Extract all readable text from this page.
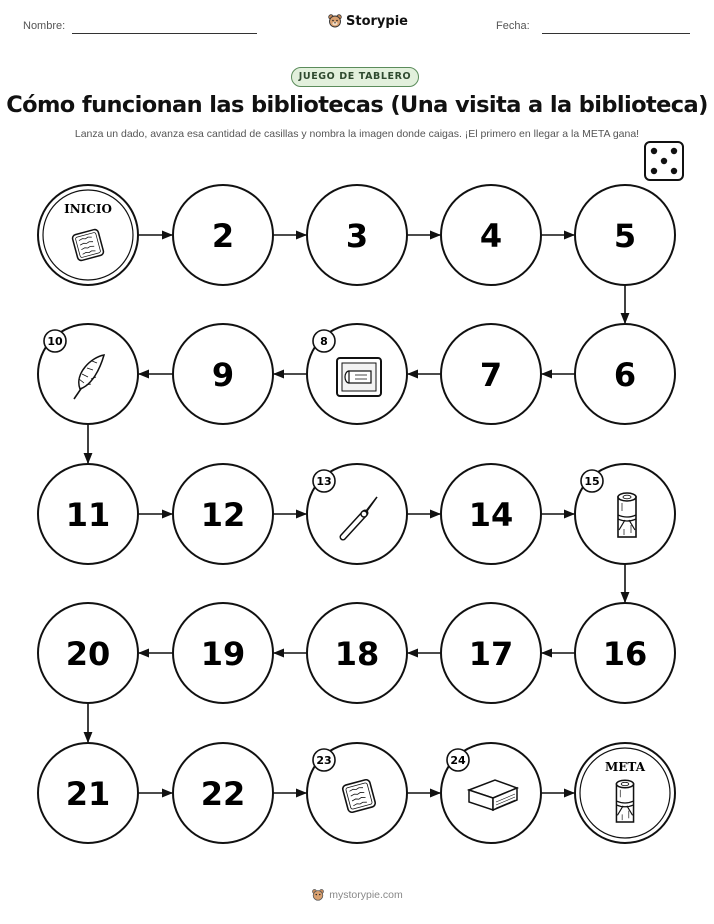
Nombre:	Storypie	Fecha:
JUEGO DE TABLERO
Cómo funcionan las bibliotecas (Una visita a la biblioteca)
Lanza un dado, avanza esa cantidad de casillas y nombra la imagen donde caigas. ¡El primero en llegar a la META gana!
INICIO
2	3	4	5
6
7
8
9
10
11	12
13
14
15
16
17
18
19
20
21	22
23	24	META
mystorypie.com
